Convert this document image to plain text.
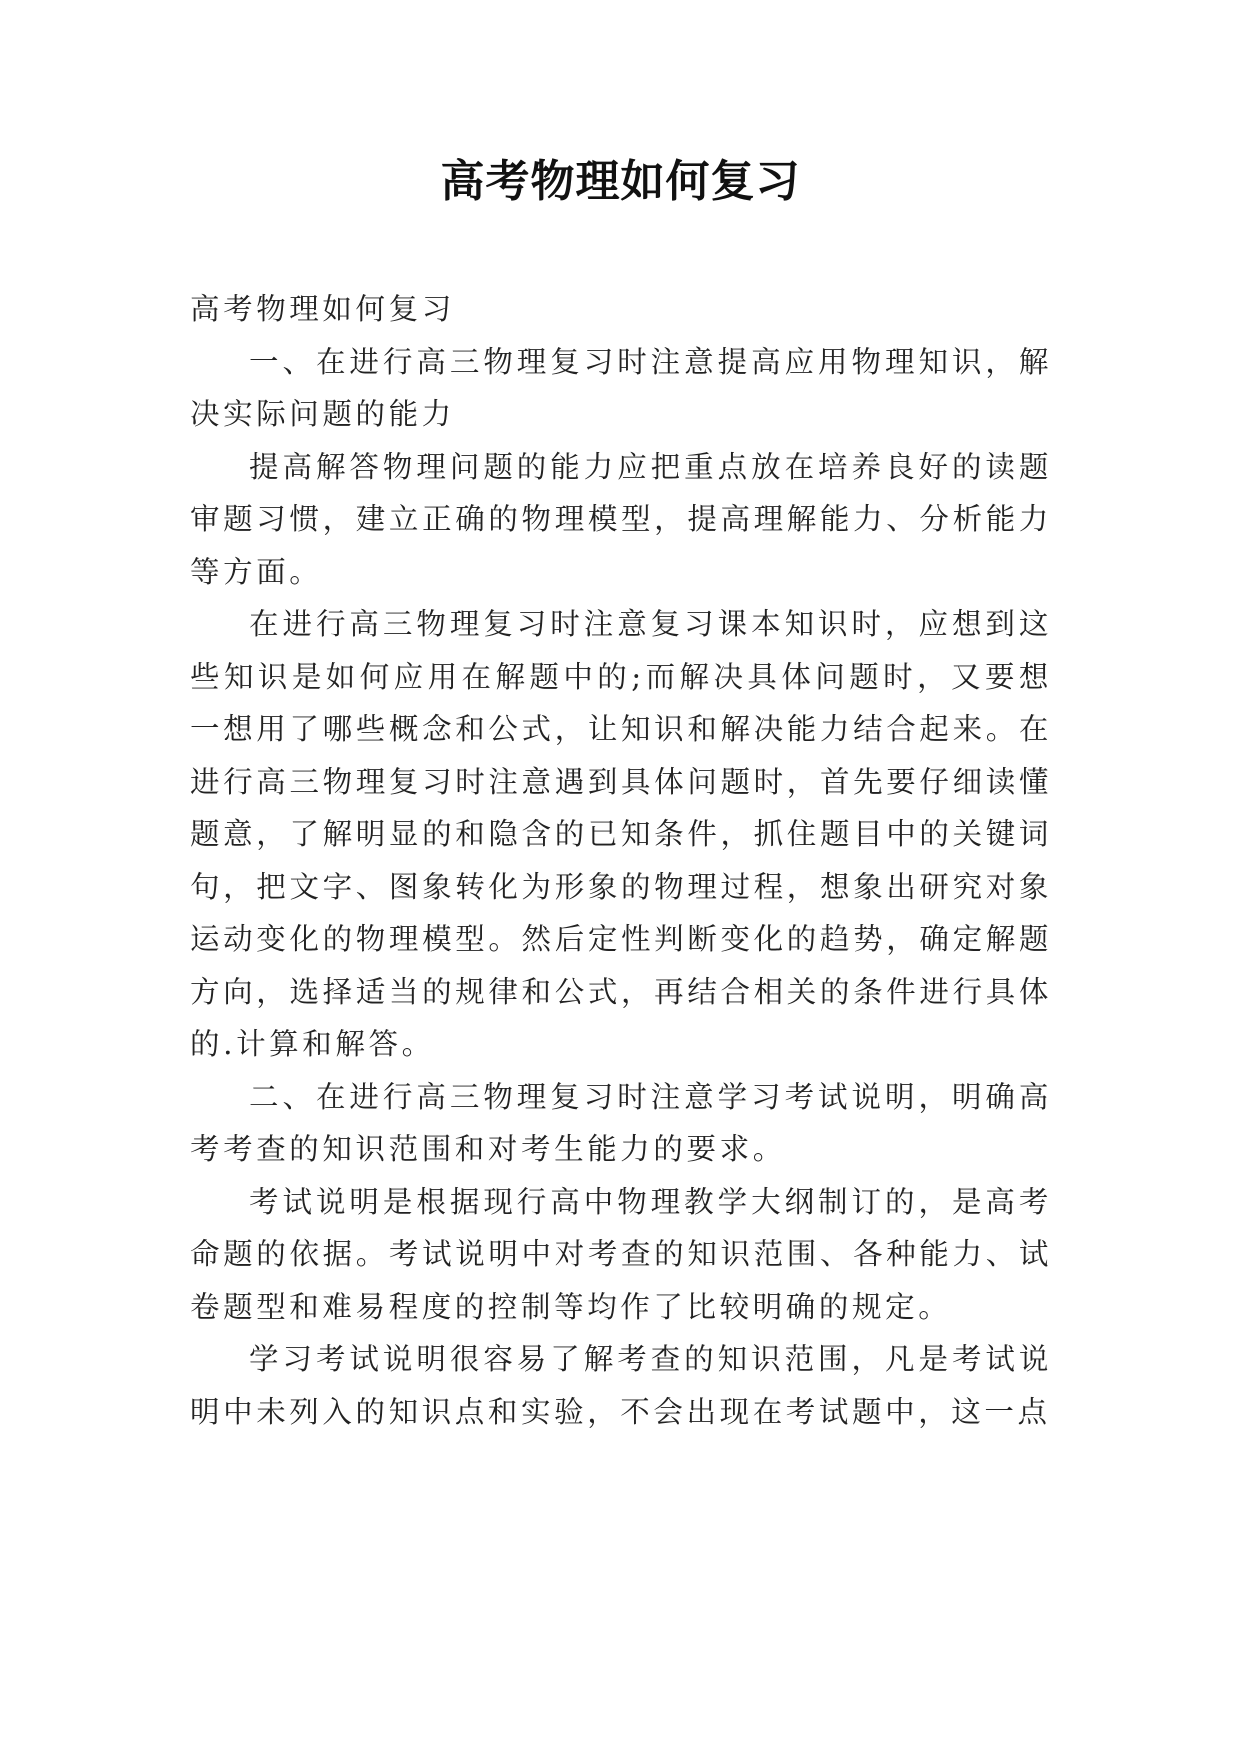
高考物理如何复习

高考物理如何复习

一、在进行高三物理复习时注意提高应用物理知识，解决实际问题的能力

提高解答物理问题的能力应把重点放在培养良好的读题审题习惯，建立正确的物理模型，提高理解能力、分析能力等方面。

在进行高三物理复习时注意复习课本知识时，应想到这些知识是如何应用在解题中的;而解决具体问题时，又要想一想用了哪些概念和公式，让知识和解决能力结合起来。在进行高三物理复习时注意遇到具体问题时，首先要仔细读懂题意，了解明显的和隐含的已知条件，抓住题目中的关键词句，把文字、图象转化为形象的物理过程，想象出研究对象运动变化的物理模型。然后定性判断变化的趋势，确定解题方向，选择适当的规律和公式，再结合相关的条件进行具体的.计算和解答。

二、在进行高三物理复习时注意学习考试说明，明确高考考查的知识范围和对考生能力的要求。

考试说明是根据现行高中物理教学大纲制订的，是高考命题的依据。考试说明中对考查的知识范围、各种能力、试卷题型和难易程度的控制等均作了比较明确的规定。

学习考试说明很容易了解考查的知识范围，凡是考试说明中未列入的知识点和实验，不会出现在考试题中，这一点
